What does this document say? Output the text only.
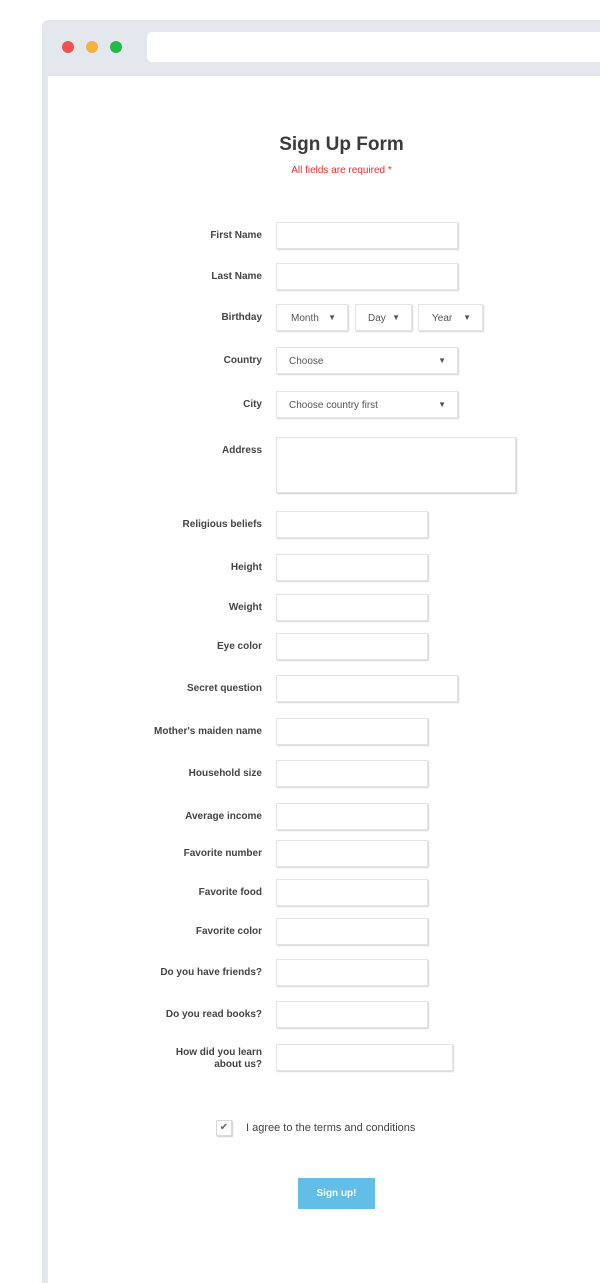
Sign Up Form
All fields are required *
First Name
Last Name
Birthday	Month ▼	Day ▼	Year ▼
Country	Choose	▼
City	Choose country first	▼
Address
Religious beliefs
Height
Weight
Eye color
Secret question
Mother's maiden name
Household size
Average income
Favorite number
Favorite food
Favorite color
Do you have friends?
Do you read books?
How did you learn
about us?
✔	I agree to the terms and conditions
Sign up!
